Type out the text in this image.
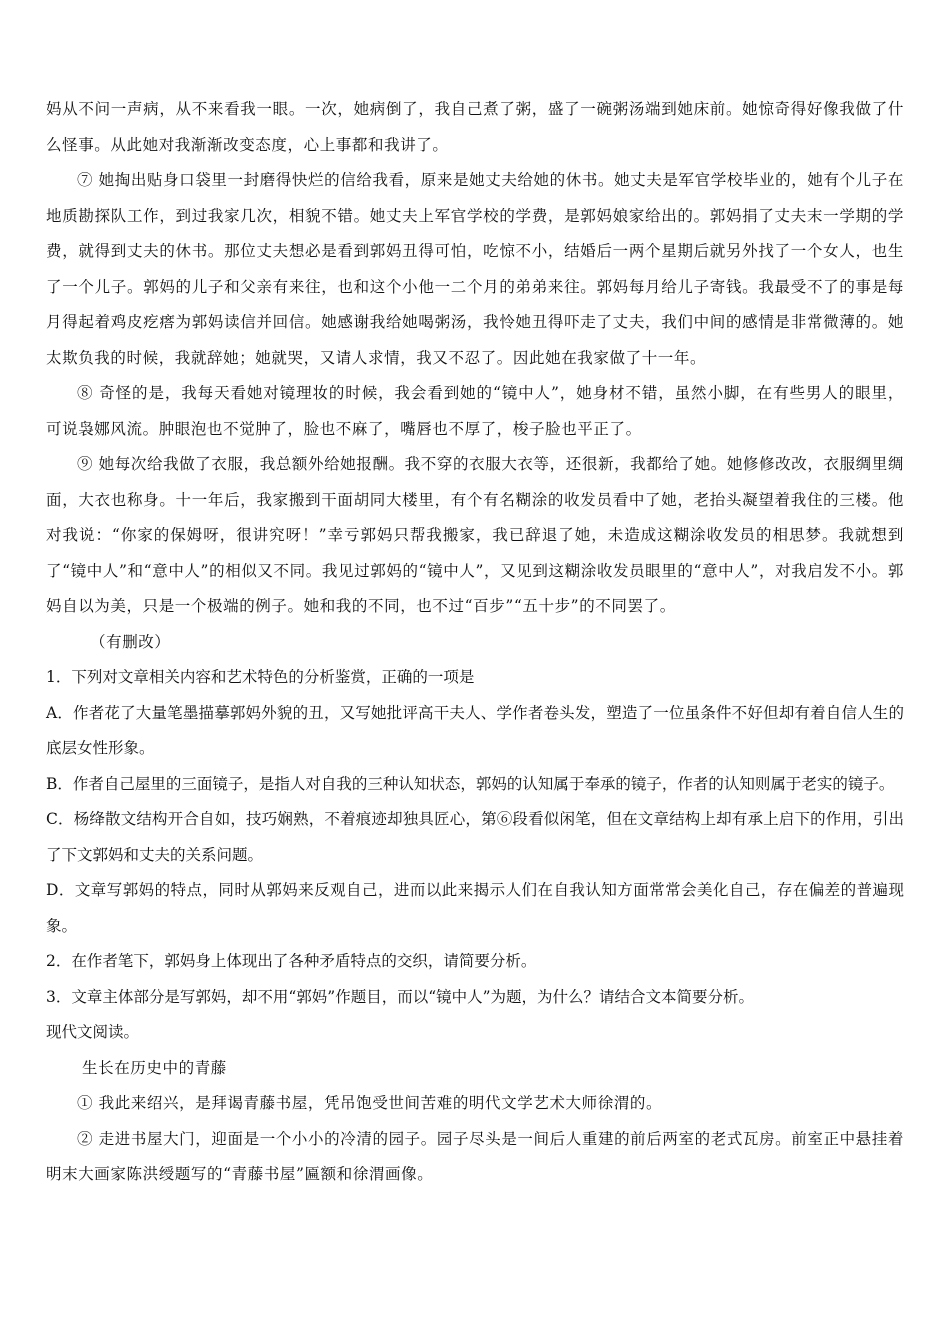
妈从不问一声病，从不来看我一眼。一次，她病倒了，我自己煮了粥，盛了一碗粥汤端到她床前。她惊奇得好像我做了什么怪事。从此她对我渐渐改变态度，心上事都和我讲了。

⑦ 她掏出贴身口袋里一封磨得快烂的信给我看，原来是她丈夫给她的休书。她丈夫是军官学校毕业的，她有个儿子在地质勘探队工作，到过我家几次，相貌不错。她丈夫上军官学校的学费，是郭妈娘家给出的。郭妈捐了丈夫末一学期的学费，就得到丈夫的休书。那位丈夫想必是看到郭妈丑得可怕，吃惊不小，结婚后一两个星期后就另外找了一个女人，也生了一个儿子。郭妈的儿子和父亲有来往，也和这个小他一二个月的弟弟来往。郭妈每月给儿子寄钱。我最受不了的事是每月得起着鸡皮疙瘩为郭妈读信并回信。她感谢我给她喝粥汤，我怜她丑得吓走了丈夫，我们中间的感情是非常微薄的。她太欺负我的时候，我就辞她；她就哭，又请人求情，我又不忍了。因此她在我家做了十一年。

⑧ 奇怪的是，我每天看她对镜理妆的时候，我会看到她的“镜中人”，她身材不错，虽然小脚，在有些男人的眼里，可说袅娜风流。肿眼泡也不觉肿了，脸也不麻了，嘴唇也不厚了，梭子脸也平正了。

⑨ 她每次给我做了衣服，我总额外给她报酬。我不穿的衣服大衣等，还很新，我都给了她。她修修改改，衣服绸里绸面，大衣也称身。十一年后，我家搬到干面胡同大楼里，有个有名糊涂的收发员看中了她，老抬头凝望着我住的三楼。他对我说：“你家的保姆呀，很讲究呀！”幸亏郭妈只帮我搬家，我已辞退了她，未造成这糊涂收发员的相思梦。我就想到了“镜中人”和“意中人”的相似又不同。我见过郭妈的“镜中人”，又见到这糊涂收发员眼里的“意中人”，对我启发不小。郭妈自以为美，只是一个极端的例子。她和我的不同，也不过“百步”“五十步”的不同罢了。

（有删改）

1．下列对文章相关内容和艺术特色的分析鉴赏，正确的一项是

A．作者花了大量笔墨描摹郭妈外貌的丑，又写她批评高干夫人、学作者卷头发，塑造了一位虽条件不好但却有着自信人生的底层女性形象。

B．作者自己屋里的三面镜子，是指人对自我的三种认知状态，郭妈的认知属于奉承的镜子，作者的认知则属于老实的镜子。

C．杨绛散文结构开合自如，技巧娴熟，不着痕迹却独具匠心，第⑥段看似闲笔，但在文章结构上却有承上启下的作用，引出了下文郭妈和丈夫的关系问题。

D．文章写郭妈的特点，同时从郭妈来反观自己，进而以此来揭示人们在自我认知方面常常会美化自己，存在偏差的普遍现象。

2．在作者笔下，郭妈身上体现出了各种矛盾特点的交织，请简要分析。

3．文章主体部分是写郭妈，却不用“郭妈”作题目，而以“镜中人”为题，为什么？请结合文本简要分析。

现代文阅读。

生长在历史中的青藤

① 我此来绍兴，是拜谒青藤书屋，凭吊饱受世间苦难的明代文学艺术大师徐渭的。

② 走进书屋大门，迎面是一个小小的冷清的园子。园子尽头是一间后人重建的前后两室的老式瓦房。前室正中悬挂着明末大画家陈洪绶题写的“青藤书屋”匾额和徐渭画像。
